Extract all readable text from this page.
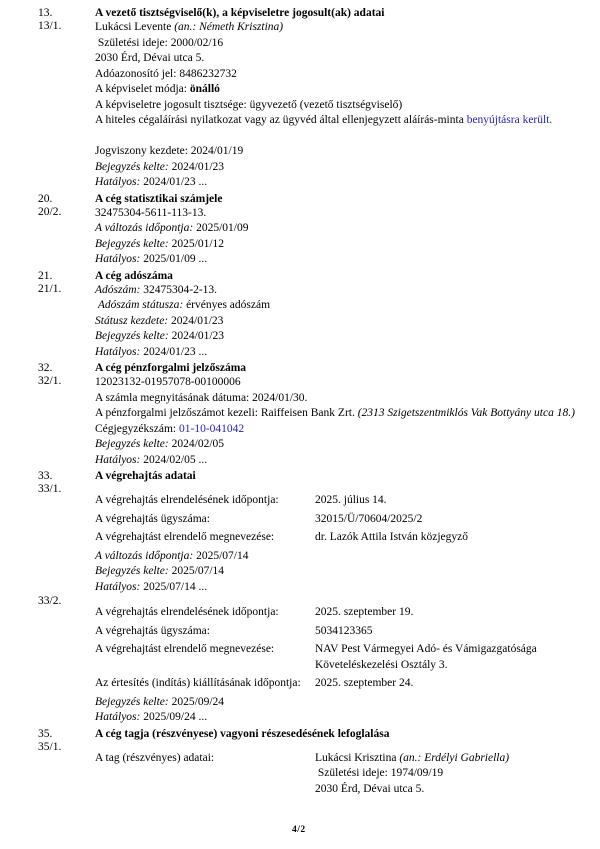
13.	A vezető tisztségviselő(k), a képviseletre jogosult(ak) adatai
13/1.	Lukácsi Levente (an.: Németh Krisztina)
Születési ideje: 2000/02/16
2030 Érd, Dévai utca 5.
Adóazonosító jel: 8486232732
A képviselet módja: önálló
A képviseletre jogosult tisztsége: ügyvezető (vezető tisztségviselő)
A hiteles cégaláírási nyilatkozat vagy az ügyvéd által ellenjegyzett aláírás-minta benyújtásra került.
Jogviszony kezdete: 2024/01/19
Bejegyzés kelte: 2024/01/23
Hatályos: 2024/01/23 ...
20.	A cég statisztikai számjele
20/2.	32475304-5611-113-13.
A változás időpontja: 2025/01/09
Bejegyzés kelte: 2025/01/12
Hatályos: 2025/01/09 ...
21.	A cég adószáma
21/1.	Adószám: 32475304-2-13.
Adószám státusza: érvényes adószám
Státusz kezdete: 2024/01/23
Bejegyzés kelte: 2024/01/23
Hatályos: 2024/01/23 ...
32.	A cég pénzforgalmi jelzőszáma
32/1.	12023132-01957078-00100006
A számla megnyitásának dátuma: 2024/01/30.
A pénzforgalmi jelzőszámot kezeli: Raiffeisen Bank Zrt. (2313 Szigetszentmiklós Vak Bottyány utca 18.)
Cégjegyzékszám: 01-10-041042
Bejegyzés kelte: 2024/02/05
Hatályos: 2024/02/05 ...
33.	A végrehajtás adatai
33/1.
A végrehajtás elrendelésének időpontja:	2025. július 14.
A végrehajtás ügyszáma:	32015/Ü/70604/2025/2
A végrehajtást elrendelő megnevezése:	dr. Lazók Attila István közjegyző
A változás időpontja: 2025/07/14
Bejegyzés kelte: 2025/07/14
Hatályos: 2025/07/14 ...
33/2.
A végrehajtás elrendelésének időpontja:	2025. szeptember 19.
A végrehajtás ügyszáma:	5034123365
A végrehajtást elrendelő megnevezése:	NAV Pest Vármegyei Adó- és Vámigazgatósága
Követeléskezelési Osztály 3.
Az értesítés (indítás) kiállításának időpontja:	2025. szeptember 24.
Bejegyzés kelte: 2025/09/24
Hatályos: 2025/09/24 ...
35.	A cég tagja (részvényese) vagyoni részesedésének lefoglalása
35/1.
A tag (részvényes) adatai:	Lukácsi Krisztina (an.: Erdélyi Gabriella)
Születési ideje: 1974/09/19
2030 Érd, Dévai utca 5.
4/2
